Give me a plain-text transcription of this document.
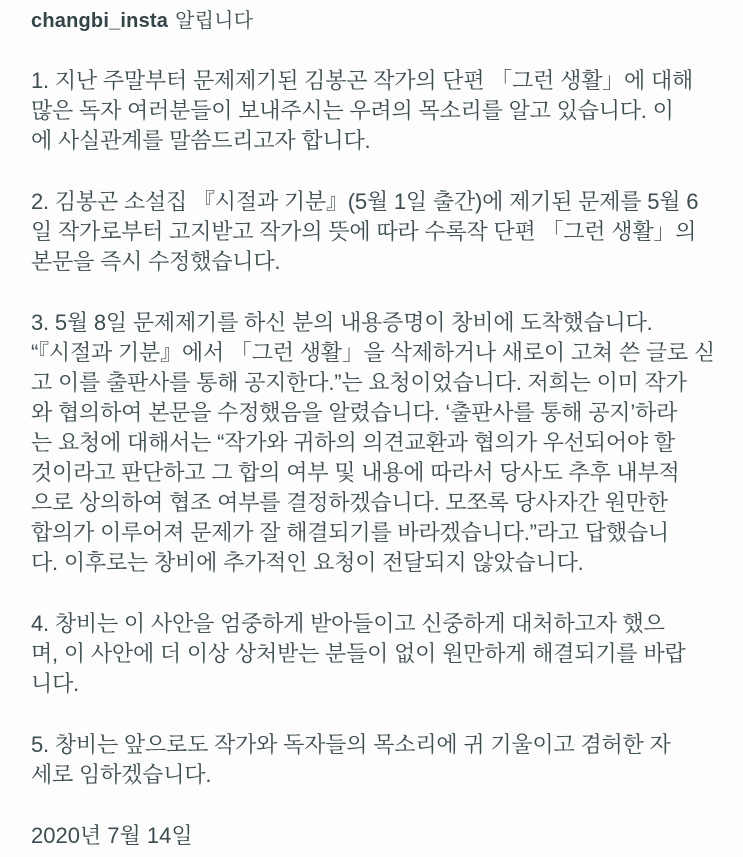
changbi_insta 알립니다
1. 지난 주말부터 문제제기된 김봉곤 작가의 단편 「그런 생활」에 대해
많은 독자 여러분들이 보내주시는 우려의 목소리를 알고 있습니다. 이
에 사실관계를 말씀드리고자 합니다.
2. 김봉곤 소설집 『시절과 기분』(5월 1일 출간)에 제기된 문제를 5월 6
일 작가로부터 고지받고 작가의 뜻에 따라 수록작 단편 「그런 생활」의
본문을 즉시 수정했습니다.
3. 5월 8일 문제제기를 하신 분의 내용증명이 창비에 도착했습니다.
“『시절과 기분』에서 「그런 생활」을 삭제하거나 새로이 고쳐 쓴 글로 싣
고 이를 출판사를 통해 공지한다.”는 요청이었습니다. 저희는 이미 작가
와 협의하여 본문을 수정했음을 알렸습니다. ‘출판사를 통해 공지’하라
는 요청에 대해서는 “작가와 귀하의 의견교환과 협의가 우선되어야 할
것이라고 판단하고 그 합의 여부 및 내용에 따라서 당사도 추후 내부적
으로 상의하여 협조 여부를 결정하겠습니다. 모쪼록 당사자간 원만한
합의가 이루어져 문제가 잘 해결되기를 바라겠습니다.”라고 답했습니
다. 이후로는 창비에 추가적인 요청이 전달되지 않았습니다.
4. 창비는 이 사안을 엄중하게 받아들이고 신중하게 대처하고자 했으
며, 이 사안에 더 이상 상처받는 분들이 없이 원만하게 해결되기를 바랍
니다.
5. 창비는 앞으로도 작가와 독자들의 목소리에 귀 기울이고 겸허한 자
세로 임하겠습니다.
2020년 7월 14일
